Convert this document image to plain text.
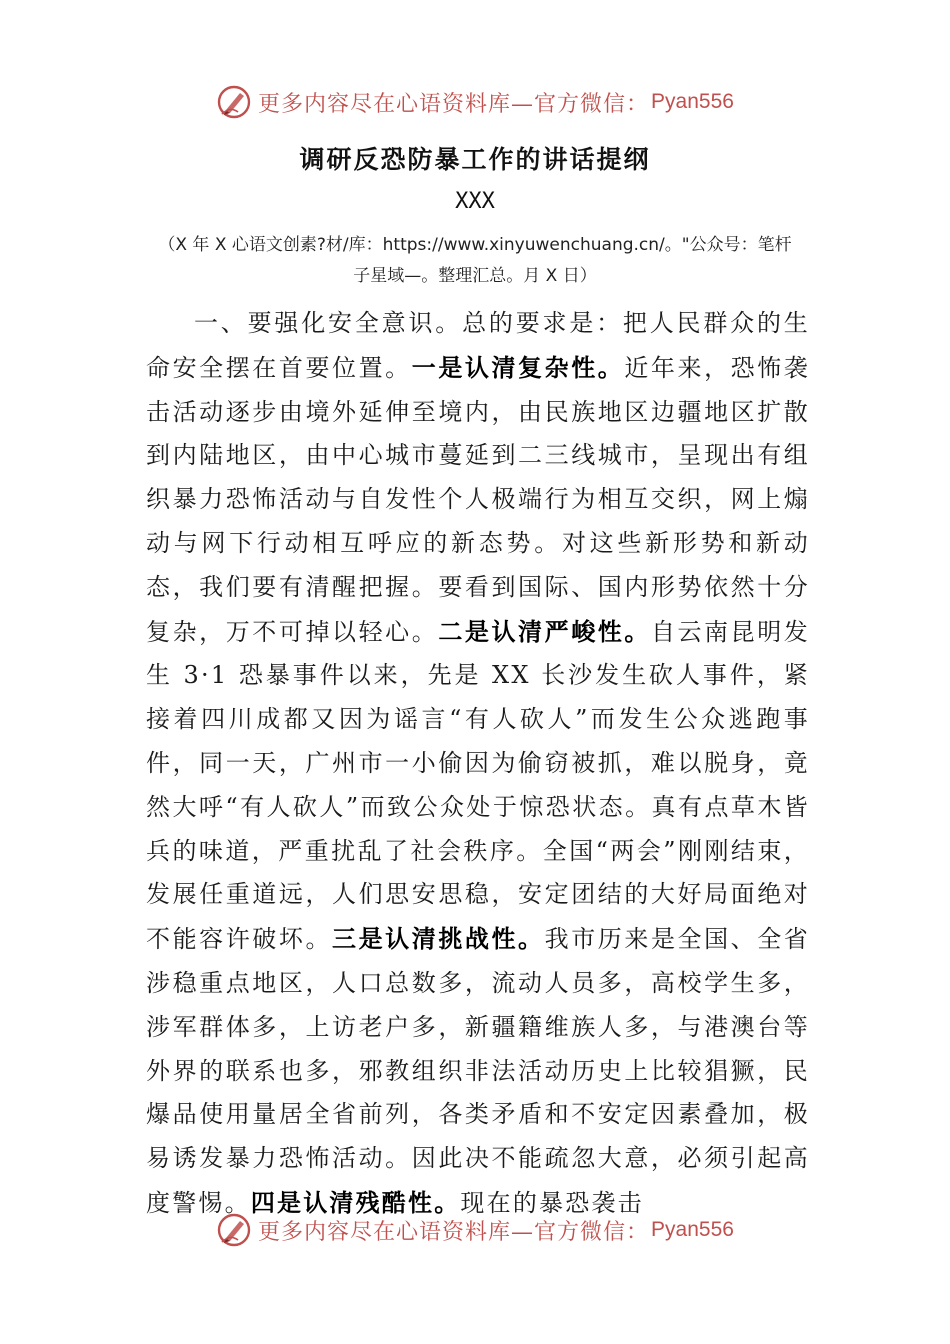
更多内容尽在心语资料库—官方微信： Pyan556
调研反恐防暴工作的讲话提纲
XXX
（X 年 X 心语文创素?材/库：https://www.xinyuwenchuang.cn/。"公众号：笔杆子星域—。整理汇总。月 X 日）

一、要强化安全意识。总的要求是：把人民群众的生命安全摆在首要位置。一是认清复杂性。近年来，恐怖袭击活动逐步由境外延伸至境内，由民族地区边疆地区扩散到内陆地区，由中心城市蔓延到二三线城市，呈现出有组织暴力恐怖活动与自发性个人极端行为相互交织，网上煽动与网下行动相互呼应的新态势。对这些新形势和新动态，我们要有清醒把握。要看到国际、国内形势依然十分复杂，万不可掉以轻心。二是认清严峻性。自云南昆明发生 3·1 恐暴事件以来，先是 XX 长沙发生砍人事件，紧接着四川成都又因为谣言“有人砍人”而发生公众逃跑事件，同一天，广州市一小偷因为偷窃被抓，难以脱身，竟然大呼“有人砍人”而致公众处于惊恐状态。真有点草木皆兵的味道，严重扰乱了社会秩序。全国“两会”刚刚结束，发展任重道远，人们思安思稳，安定团结的大好局面绝对不能容许破坏。三是认清挑战性。我市历来是全国、全省涉稳重点地区，人口总数多，流动人员多，高校学生多，涉军群体多，上访老户多，新疆籍维族人多，与港澳台等外界的联系也多，邪教组织非法活动历史上比较猖獗，民爆品使用量居全省前列，各类矛盾和不安定因素叠加，极易诱发暴力恐怖活动。因此决不能疏忽大意，必须引起高度警惕。四是认清残酷性。现在的暴恐袭击

更多内容尽在心语资料库—官方微信： Pyan556
